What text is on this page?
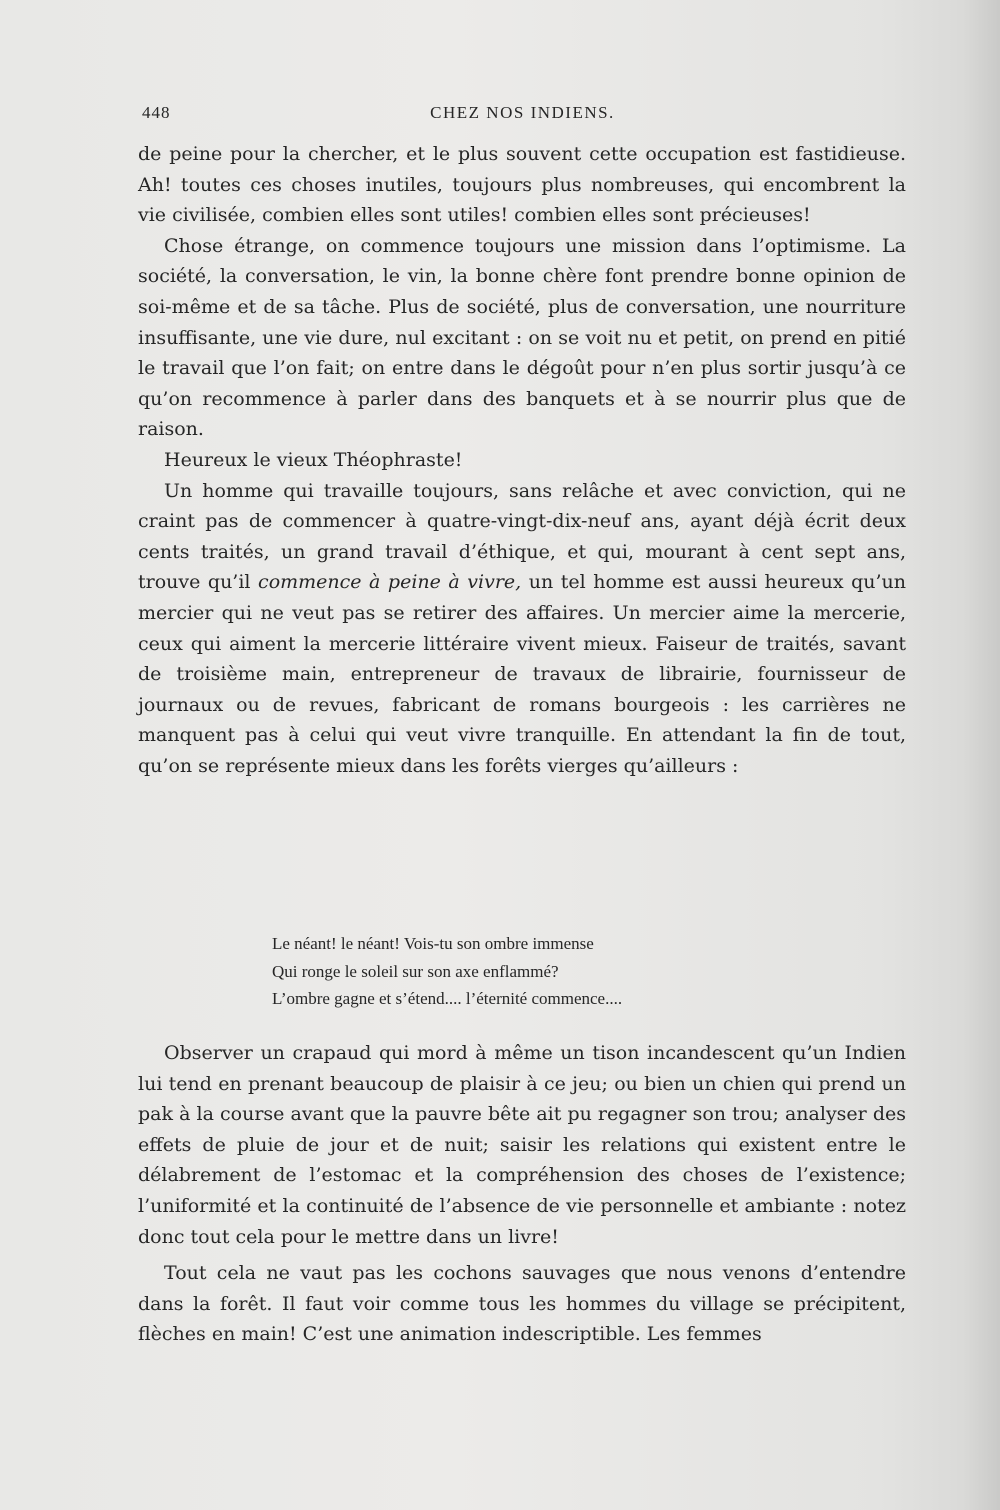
448	CHEZ NOS INDIENS.

de peine pour la chercher, et le plus souvent cette occupation est fastidieuse. Ah! toutes ces choses inutiles, toujours plus nombreuses, qui encombrent la vie civilisée, combien elles sont utiles! combien elles sont précieuses!

Chose étrange, on commence toujours une mission dans l’optimisme. La société, la conversation, le vin, la bonne chère font prendre bonne opinion de soi-même et de sa tâche. Plus de société, plus de conversation, une nourriture insuffisante, une vie dure, nul excitant : on se voit nu et petit, on prend en pitié le travail que l’on fait; on entre dans le dégoût pour n’en plus sortir jusqu’à ce qu’on recommence à parler dans des banquets et à se nourrir plus que de raison.

Heureux le vieux Théophraste!

Un homme qui travaille toujours, sans relâche et avec conviction, qui ne craint pas de commencer à quatre-vingt-dix-neuf ans, ayant déjà écrit deux cents traités, un grand travail d’éthique, et qui, mourant à cent sept ans, trouve qu’il commence à peine à vivre, un tel homme est aussi heureux qu’un mercier qui ne veut pas se retirer des affaires. Un mercier aime la mercerie, ceux qui aiment la mercerie littéraire vivent mieux. Faiseur de traités, savant de troisième main, entrepreneur de travaux de librairie, fournisseur de journaux ou de revues, fabricant de romans bourgeois : les carrières ne manquent pas à celui qui veut vivre tranquille. En attendant la fin de tout, qu’on se représente mieux dans les forêts vierges qu’ailleurs :

Le néant! le néant! Vois-tu son ombre immense
Qui ronge le soleil sur son axe enflammé?
L’ombre gagne et s’étend.... l’éternité commence....

Observer un crapaud qui mord à même un tison incandescent qu’un Indien lui tend en prenant beaucoup de plaisir à ce jeu; ou bien un chien qui prend un pak à la course avant que la pauvre bête ait pu regagner son trou; analyser des effets de pluie de jour et de nuit; saisir les relations qui existent entre le délabrement de l’estomac et la compréhension des choses de l’existence; l’uniformité et la continuité de l’absence de vie personnelle et ambiante : notez donc tout cela pour le mettre dans un livre!

Tout cela ne vaut pas les cochons sauvages que nous venons d’entendre dans la forêt. Il faut voir comme tous les hommes du village se précipitent, flèches en main! C’est une animation indescriptible. Les femmes
